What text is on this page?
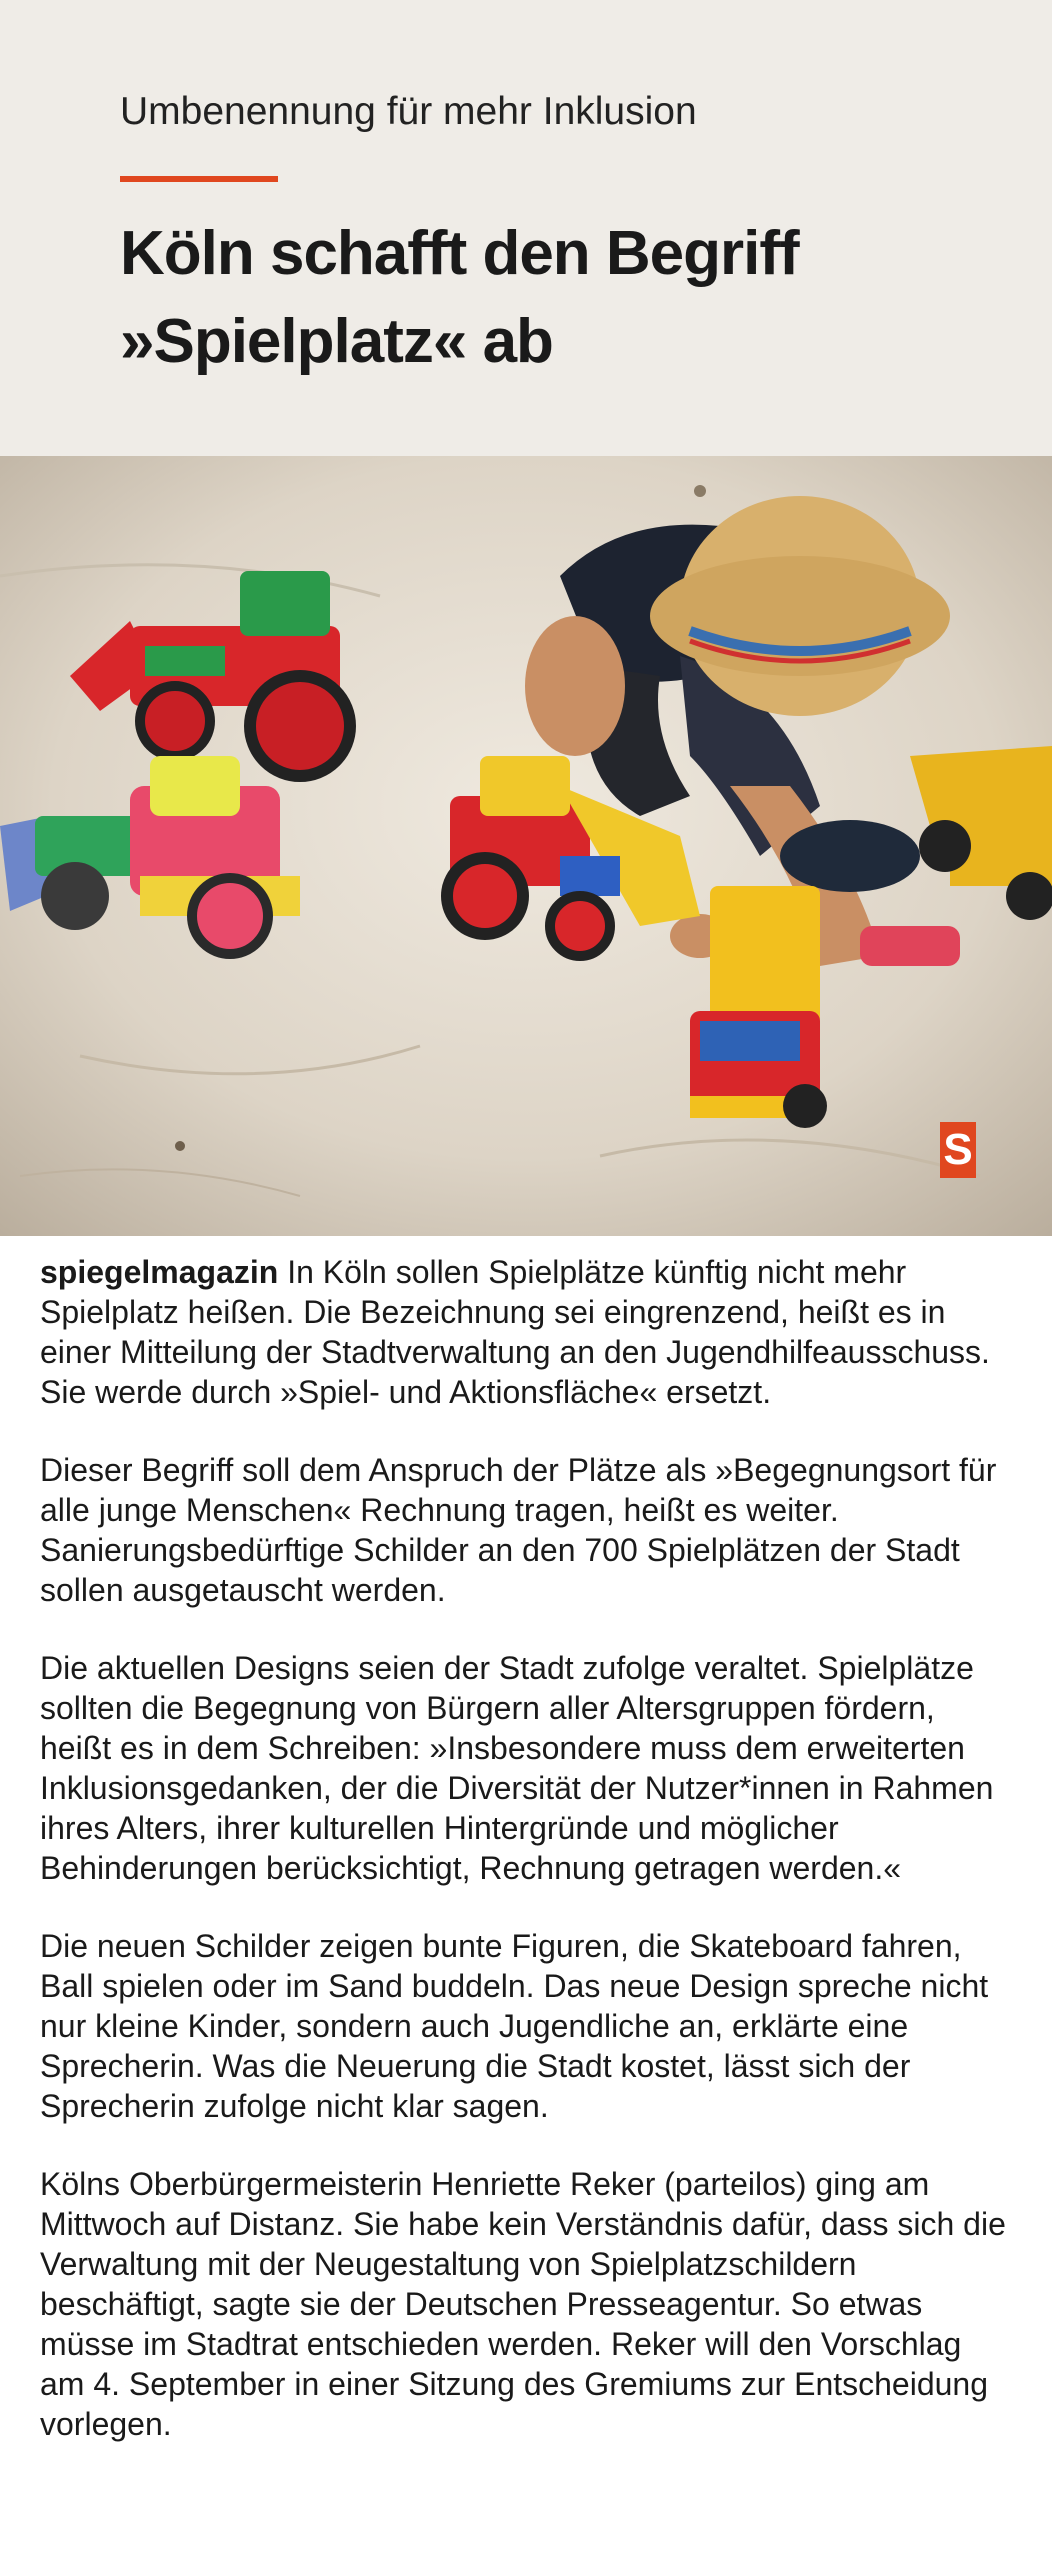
Umbenennung für mehr Inklusion

Köln schafft den Begriff »Spielplatz« ab
IMAGO
S

spiegelmagazin In Köln sollen Spielplätze künftig nicht mehr Spielplatz heißen. Die Bezeichnung sei eingrenzend, heißt es in einer Mitteilung der Stadtverwaltung an den Jugendhilfeausschuss. Sie werde durch »Spiel- und Aktionsfläche« ersetzt.

Dieser Begriff soll dem Anspruch der Plätze als »Begegnungsort für alle junge Menschen« Rechnung tragen, heißt es weiter. Sanierungsbedürftige Schilder an den 700 Spielplätzen der Stadt sollen ausgetauscht werden.

Die aktuellen Designs seien der Stadt zufolge veraltet. Spielplätze sollten die Begegnung von Bürgern aller Altersgruppen fördern, heißt es in dem Schreiben: »Insbesondere muss dem erweiterten Inklusionsgedanken, der die Diversität der Nutzer*innen in Rahmen ihres Alters, ihrer kulturellen Hintergründe und möglicher Behinderungen berücksichtigt, Rechnung getragen werden.«

Die neuen Schilder zeigen bunte Figuren, die Skateboard fahren, Ball spielen oder im Sand buddeln. Das neue Design spreche nicht nur kleine Kinder, sondern auch Jugendliche an, erklärte eine Sprecherin. Was die Neuerung die Stadt kostet, lässt sich der Sprecherin zufolge nicht klar sagen.

Kölns Oberbürgermeisterin Henriette Reker (parteilos) ging am Mittwoch auf Distanz. Sie habe kein Verständnis dafür, dass sich die Verwaltung mit der Neugestaltung von Spielplatzschildern beschäftigt, sagte sie der Deutschen Presseagentur. So etwas müsse im Stadtrat entschieden werden. Reker will den Vorschlag am 4. September in einer Sitzung des Gremiums zur Entscheidung vorlegen.
